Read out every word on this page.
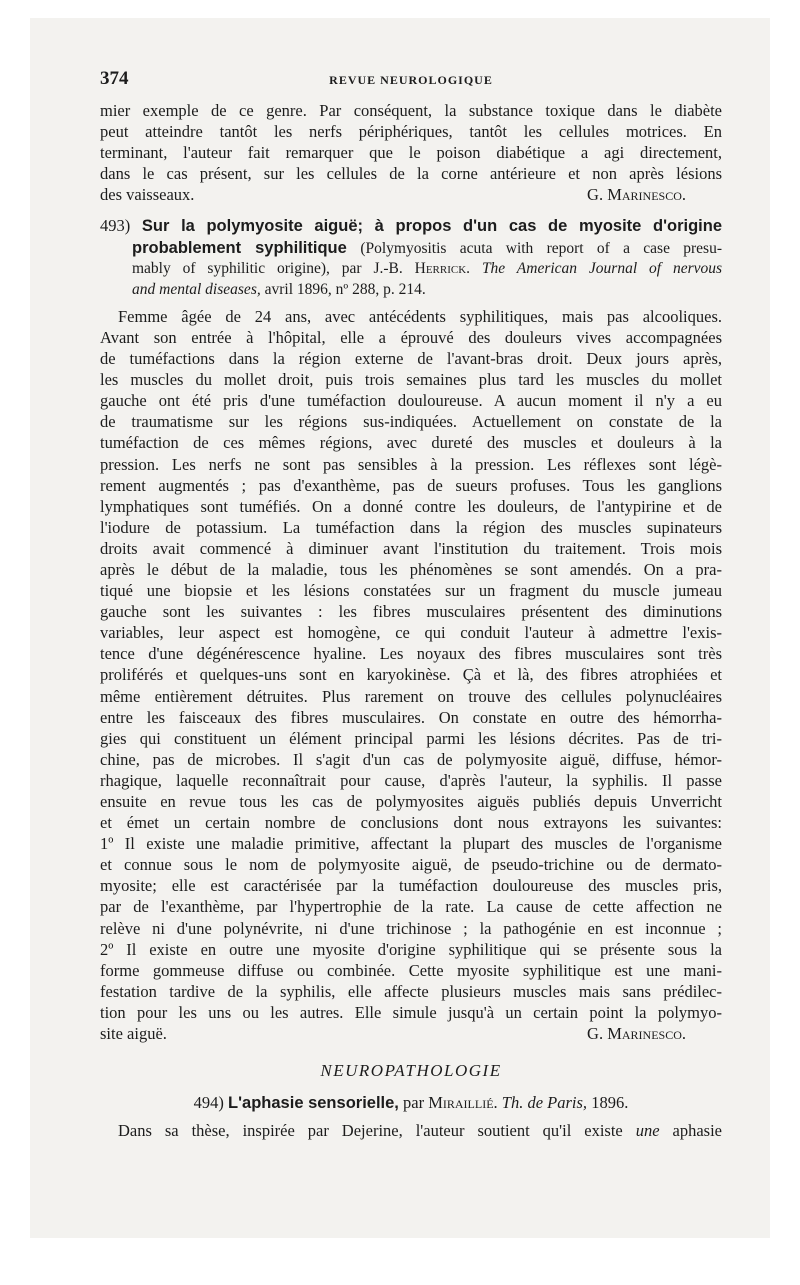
374	REVUE NEUROLOGIQUE
mier exemple de ce genre. Par conséquent, la substance toxique dans le diabète
peut atteindre tantôt les nerfs périphériques, tantôt les cellules motrices. En
terminant, l'auteur fait remarquer que le poison diabétique a agi directement,
dans le cas présent, sur les cellules de la corne antérieure et non après lésions
des vaisseaux.	G. Marinesco.
493) Sur la polymyosite aiguë; à propos d'un cas de myosite d'origine
probablement syphilitique (Polymyositis acuta with report of a case presu-
mably of syphilitic origine), par J.-B. Herrick. The American Journal of nervous
and mental diseases, avril 1896, nº 288, p. 214.
Femme âgée de 24 ans, avec antécédents syphilitiques, mais pas alcooliques.
Avant son entrée à l'hôpital, elle a éprouvé des douleurs vives accompagnées
de tuméfactions dans la région externe de l'avant-bras droit. Deux jours après,
les muscles du mollet droit, puis trois semaines plus tard les muscles du mollet
gauche ont été pris d'une tuméfaction douloureuse. A aucun moment il n'y a eu
de traumatisme sur les régions sus-indiquées. Actuellement on constate de la
tuméfaction de ces mêmes régions, avec dureté des muscles et douleurs à la
pression. Les nerfs ne sont pas sensibles à la pression. Les réflexes sont légè-
rement augmentés ; pas d'exanthème, pas de sueurs profuses. Tous les ganglions
lymphatiques sont tuméfiés. On a donné contre les douleurs, de l'antypirine et de
l'iodure de potassium. La tuméfaction dans la région des muscles supinateurs
droits avait commencé à diminuer avant l'institution du traitement. Trois mois
après le début de la maladie, tous les phénomènes se sont amendés. On a pra-
tiqué une biopsie et les lésions constatées sur un fragment du muscle jumeau
gauche sont les suivantes : les fibres musculaires présentent des diminutions
variables, leur aspect est homogène, ce qui conduit l'auteur à admettre l'exis-
tence d'une dégénérescence hyaline. Les noyaux des fibres musculaires sont très
proliférés et quelques-uns sont en karyokinèse. Çà et là, des fibres atrophiées et
même entièrement détruites. Plus rarement on trouve des cellules polynucléaires
entre les faisceaux des fibres musculaires. On constate en outre des hémorrha-
gies qui constituent un élément principal parmi les lésions décrites. Pas de tri-
chine, pas de microbes. Il s'agit d'un cas de polymyosite aiguë, diffuse, hémor-
rhagique, laquelle reconnaîtrait pour cause, d'après l'auteur, la syphilis. Il passe
ensuite en revue tous les cas de polymyosites aiguës publiés depuis Unverricht
et émet un certain nombre de conclusions dont nous extrayons les suivantes:
1º Il existe une maladie primitive, affectant la plupart des muscles de l'organisme
et connue sous le nom de polymyosite aiguë, de pseudo-trichine ou de dermato-
myosite; elle est caractérisée par la tuméfaction douloureuse des muscles pris,
par de l'exanthème, par l'hypertrophie de la rate. La cause de cette affection ne
relève ni d'une polynévrite, ni d'une trichinose ; la pathogénie en est inconnue ;
2º Il existe en outre une myosite d'origine syphilitique qui se présente sous la
forme gommeuse diffuse ou combinée. Cette myosite syphilitique est une mani-
festation tardive de la syphilis, elle affecte plusieurs muscles mais sans prédilec-
tion pour les uns ou les autres. Elle simule jusqu'à un certain point la polymyo-
site aiguë.	G. Marinesco.
NEUROPATHOLOGIE
494) L'aphasie sensorielle, par Miraillié. Th. de Paris, 1896.
Dans sa thèse, inspirée par Dejerine, l'auteur soutient qu'il existe une aphasie
